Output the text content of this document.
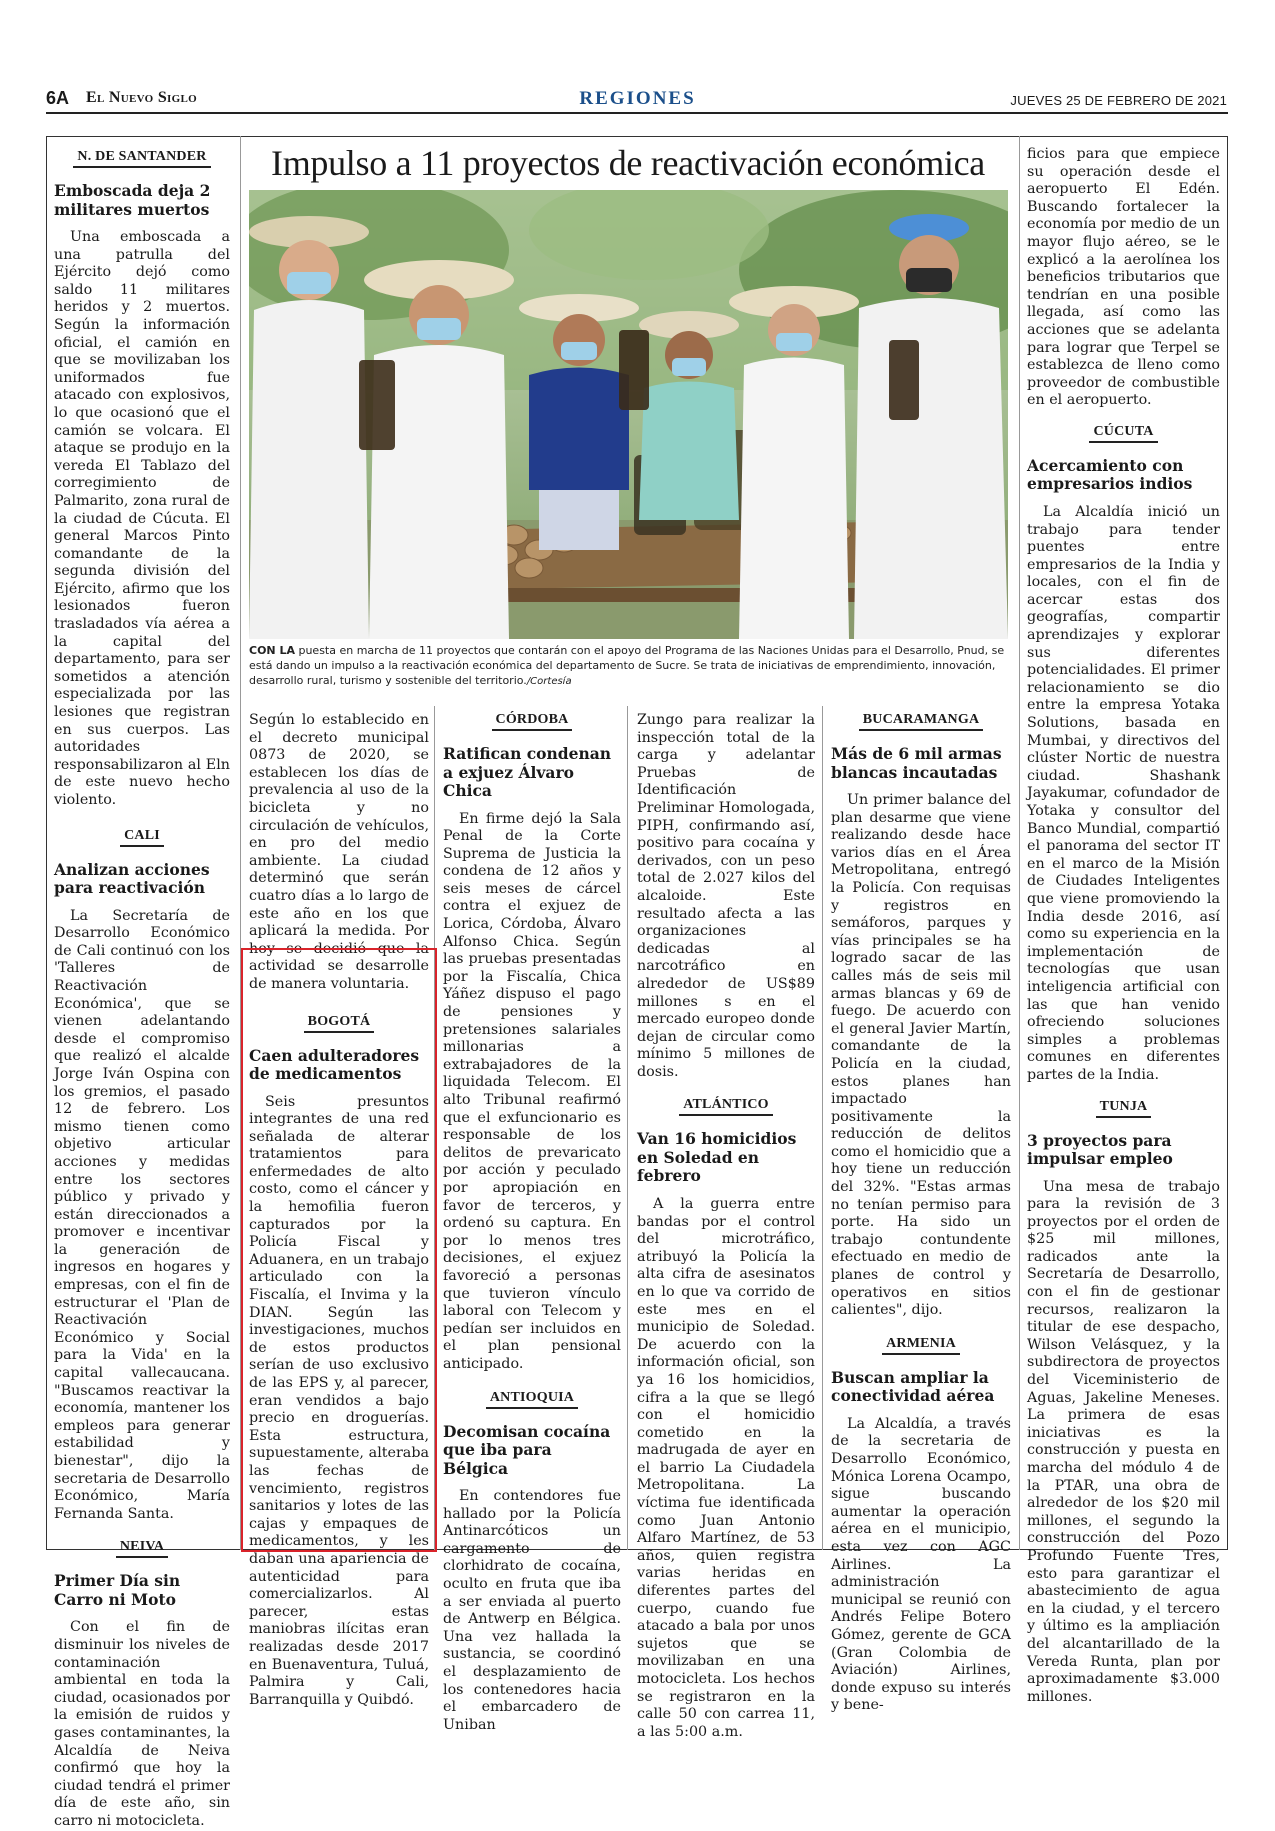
6A El Nuevo Siglo	REGIONES	JUEVES 25 DE FEBRERO DE 2021
Impulso a 11 proyectos de reactivación económica
CON LA puesta en marcha de 11 proyectos que contarán con el apoyo del Programa de las Naciones Unidas para el Desarrollo, Pnud, se está dando un impulso a la reactivación económica del departamento de Sucre. Se trata de iniciativas de emprendimiento, innovación, desarrollo rural, turismo y sostenible del territorio./Cortesía
N. DE SANTANDER
Emboscada deja 2 militares muertos

Una emboscada a una patrulla del Ejército dejó como saldo 11 militares heridos y 2 muertos. Según la información oficial, el camión en que se movilizaban los uniformados fue atacado con explosivos, lo que ocasionó que el camión se volcara. El ataque se produjo en la vereda El Tablazo del corregimiento de Palmarito, zona rural de la ciudad de Cúcuta. El general Marcos Pinto comandante de la segunda división del Ejército, afirmo que los lesionados fueron trasladados vía aérea a la capital del departamento, para ser sometidos a atención especializada por las lesiones que registran en sus cuerpos. Las autoridades responsabilizaron al Eln de este nuevo hecho violento.

CALI
Analizan acciones para reactivación

La Secretaría de Desarrollo Económico de Cali continuó con los 'Talleres de Reactivación Económica', que se vienen adelantando desde el compromiso que realizó el alcalde Jorge Iván Ospina con los gremios, el pasado 12 de febrero. Los mismo tienen como objetivo articular acciones y medidas entre los sectores público y privado y están direccionados a promover e incentivar la generación de ingresos en hogares y empresas, con el fin de estructurar el 'Plan de Reactivación Económico y Social para la Vida' en la capital vallecaucana. "Buscamos reactivar la economía, mantener los empleos para generar estabilidad y bienestar", dijo la secretaria de Desarrollo Económico, María Fernanda Santa.

NEIVA
Primer Día sin Carro ni Moto

Con el fin de disminuir los niveles de contaminación ambiental en toda la ciudad, ocasionados por la emisión de ruidos y gases contaminantes, la Alcaldía de Neiva confirmó que hoy la ciudad tendrá el primer día de este año, sin carro ni motocicleta.

Según lo establecido en el decreto municipal 0873 de 2020, se establecen los días de prevalencia al uso de la bicicleta y no circulación de vehículos, en pro del medio ambiente. La ciudad determinó que serán cuatro días a lo largo de este año en los que aplicará la medida. Por hoy se decidió que la actividad se desarrolle de manera voluntaria.

BOGOTÁ
Caen adulteradores de medicamentos

Seis presuntos integrantes de una red señalada de alterar tratamientos para enfermedades de alto costo, como el cáncer y la hemofilia fueron capturados por la Policía Fiscal y Aduanera, en un trabajo articulado con la Fiscalía, el Invima y la DIAN. Según las investigaciones, muchos de estos productos serían de uso exclusivo de las EPS y, al parecer, eran vendidos a bajo precio en droguerías. Esta estructura, supuestamente, alteraba las fechas de vencimiento, registros sanitarios y lotes de las cajas y empaques de medicamentos, y les daban una apariencia de autenticidad para comercializarlos. Al parecer, estas maniobras ilícitas eran realizadas desde 2017 en Buenaventura, Tuluá, Palmira y Cali, Barranquilla y Quibdó.

CÓRDOBA
Ratifican condenan a exjuez Álvaro Chica

En firme dejó la Sala Penal de la Corte Suprema de Justicia la condena de 12 años y seis meses de cárcel contra el exjuez de Lorica, Córdoba, Álvaro Alfonso Chica. Según las pruebas presentadas por la Fiscalía, Chica Yáñez dispuso el pago de pensiones y pretensiones salariales millonarias a extrabajadores de la liquidada Telecom. El alto Tribunal reafirmó que el exfuncionario es responsable de los delitos de prevaricato por acción y peculado por apropiación en favor de terceros, y ordenó su captura. En por lo menos tres decisiones, el exjuez favoreció a personas que tuvieron vínculo laboral con Telecom y pedían ser incluidos en el plan pensional anticipado.

ANTIOQUIA
Decomisan cocaína que iba para Bélgica

En contendores fue hallado por la Policía Antinarcóticos un cargamento de clorhidrato de cocaína, oculto en fruta que iba a ser enviada al puerto de Antwerp en Bélgica. Una vez hallada la sustancia, se coordinó el desplazamiento de los contenedores hacia el embarcadero de Uniban

Zungo para realizar la inspección total de la carga y adelantar Pruebas de Identificación Preliminar Homologada, PIPH, confirmando así, positivo para cocaína y derivados, con un peso total de 2.027 kilos del alcaloide. Este resultado afecta a las organizaciones dedicadas al narcotráfico en alrededor de US$89 millones s en el mercado europeo donde dejan de circular como mínimo 5 millones de dosis.

ATLÁNTICO
Van 16 homicidios en Soledad en febrero

A la guerra entre bandas por el control del microtráfico, atribuyó la Policía la alta cifra de asesinatos en lo que va corrido de este mes en el municipio de Soledad. De acuerdo con la información oficial, son ya 16 los homicidios, cifra a la que se llegó con el homicidio cometido en la madrugada de ayer en el barrio La Ciudadela Metropolitana. La víctima fue identificada como Juan Antonio Alfaro Martínez, de 53 años, quien registra varias heridas en diferentes partes del cuerpo, cuando fue atacado a bala por unos sujetos que se movilizaban en una motocicleta. Los hechos se registraron en la calle 50 con carrea 11, a las 5:00 a.m.

BUCARAMANGA
Más de 6 mil armas blancas incautadas

Un primer balance del plan desarme que viene realizando desde hace varios días en el Área Metropolitana, entregó la Policía. Con requisas y registros en semáforos, parques y vías principales se ha logrado sacar de las calles más de seis mil armas blancas y 69 de fuego. De acuerdo con el general Javier Martín, comandante de la Policía en la ciudad, estos planes han impactado positivamente la reducción de delitos como el homicidio que a hoy tiene un reducción del 32%. "Estas armas no tenían permiso para porte. Ha sido un trabajo contundente efectuado en medio de planes de control y operativos en sitios calientes", dijo.

ARMENIA
Buscan ampliar la conectividad aérea

La Alcaldía, a través de la secretaria de Desarrollo Económico, Mónica Lorena Ocampo, sigue buscando aumentar la operación aérea en el municipio, esta vez con AGC Airlines. La administración municipal se reunió con Andrés Felipe Botero Gómez, gerente de GCA (Gran Colombia de Aviación) Airlines, donde expuso su interés y bene-

ficios para que empiece su operación desde el aeropuerto El Edén. Buscando fortalecer la economía por medio de un mayor flujo aéreo, se le explicó a la aerolínea los beneficios tributarios que tendrían en una posible llegada, así como las acciones que se adelanta para lograr que Terpel se establezca de lleno como proveedor de combustible en el aeropuerto.

CÚCUTA
Acercamiento con empresarios indios

La Alcaldía inició un trabajo para tender puentes entre empresarios de la India y locales, con el fin de acercar estas dos geografías, compartir aprendizajes y explorar sus diferentes potencialidades. El primer relacionamiento se dio entre la empresa Yotaka Solutions, basada en Mumbai, y directivos del clúster Nortic de nuestra ciudad. Shashank Jayakumar, cofundador de Yotaka y consultor del Banco Mundial, compartió el panorama del sector IT en el marco de la Misión de Ciudades Inteligentes que viene promoviendo la India desde 2016, así como su experiencia en la implementación de tecnologías que usan inteligencia artificial con las que han venido ofreciendo soluciones simples a problemas comunes en diferentes partes de la India.

TUNJA
3 proyectos para impulsar empleo

Una mesa de trabajo para la revisión de 3 proyectos por el orden de $25 mil millones, radicados ante la Secretaría de Desarrollo, con el fin de gestionar recursos, realizaron la titular de ese despacho, Wilson Velásquez, y la subdirectora de proyectos del Viceministerio de Aguas, Jakeline Meneses. La primera de esas iniciativas es la construcción y puesta en marcha del módulo 4 de la PTAR, una obra de alrededor de los $20 mil millones, el segundo la construcción del Pozo Profundo Fuente Tres, esto para garantizar el abastecimiento de agua en la ciudad, y el tercero y último es la ampliación del alcantarillado de la Vereda Runta, plan por aproximadamente $3.000 millones.
